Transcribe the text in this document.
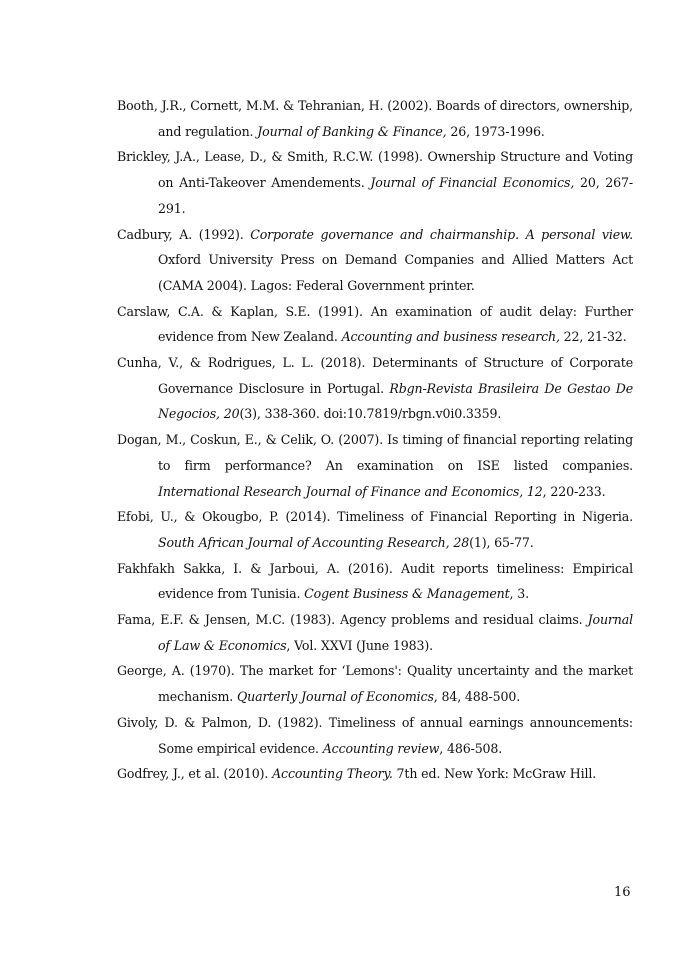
Booth, J.R., Cornett, M.M. & Tehranian, H. (2002). Boards of directors, ownership, and regulation. Journal of Banking & Finance, 26, 1973-1996.

Brickley, J.A., Lease, D., & Smith, R.C.W. (1998). Ownership Structure and Voting on Anti-Takeover Amendements. Journal of Financial Economics, 20, 267-291.

Cadbury, A. (1992). Corporate governance and chairmanship. A personal view. Oxford University Press on Demand Companies and Allied Matters Act (CAMA 2004). Lagos: Federal Government printer.

Carslaw, C.A. & Kaplan, S.E. (1991). An examination of audit delay: Further evidence from New Zealand. Accounting and business research, 22, 21-32.

Cunha, V., & Rodrigues, L. L. (2018). Determinants of Structure of Corporate Governance Disclosure in Portugal. Rbgn-Revista Brasileira De Gestao De Negocios, 20(3), 338-360. doi:10.7819/rbgn.v0i0.3359.

Dogan, M., Coskun, E., & Celik, O. (2007). Is timing of financial reporting relating to firm performance? An examination on ISE listed companies. International Research Journal of Finance and Economics, 12, 220-233.

Efobi, U., & Okougbo, P. (2014). Timeliness of Financial Reporting in Nigeria. South African Journal of Accounting Research, 28(1), 65-77.

Fakhfakh Sakka, I. & Jarboui, A. (2016). Audit reports timeliness: Empirical evidence from Tunisia. Cogent Business & Management, 3.

Fama, E.F. & Jensen, M.C. (1983). Agency problems and residual claims. Journal of Law & Economics, Vol. XXVI (June 1983).

George, A. (1970). The market for ‘Lemons': Quality uncertainty and the market mechanism. Quarterly Journal of Economics, 84, 488-500.

Givoly, D. & Palmon, D. (1982). Timeliness of annual earnings announcements: Some empirical evidence. Accounting review, 486-508.

Godfrey, J., et al. (2010). Accounting Theory. 7th ed. New York: McGraw Hill.

16
